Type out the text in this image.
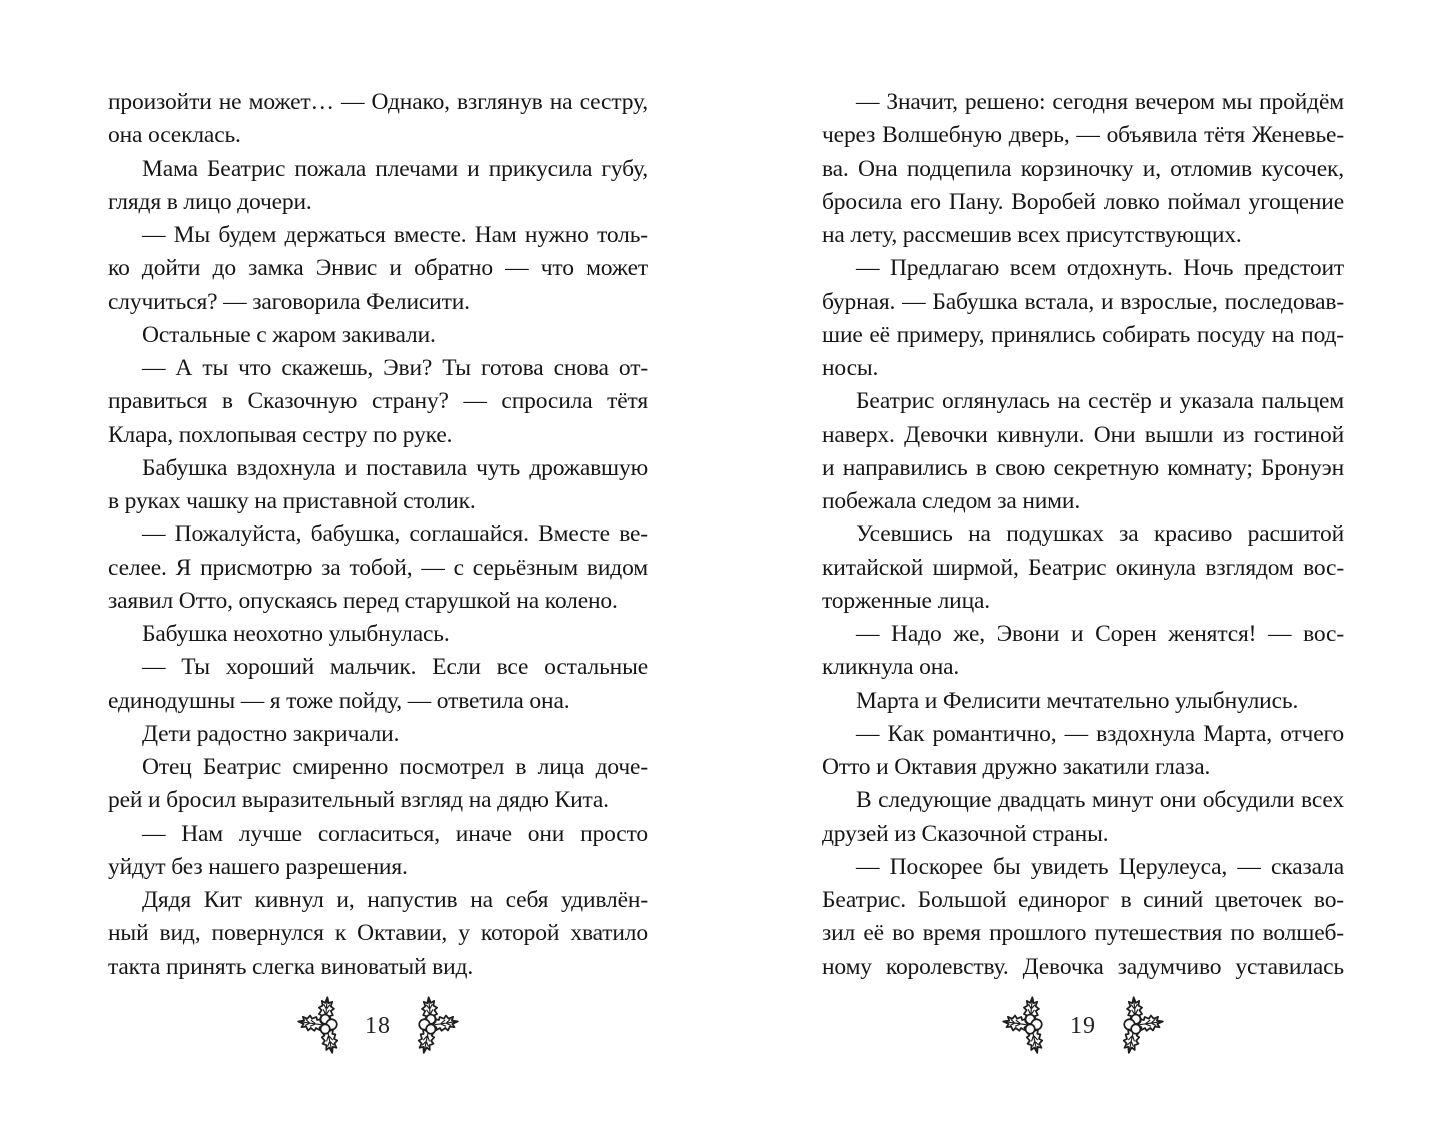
произойти не может… — Однако, взглянув на сестру,
она осеклась.
Мама Беатрис пожала плечами и прикусила губу,
глядя в лицо дочери.
— Мы будем держаться вместе. Нам нужно толь-
ко дойти до замка Энвис и обратно — что может
случиться? — заговорила Фелисити.
Остальные с жаром закивали.
— А ты что скажешь, Эви? Ты готова снова от-
правиться в Сказочную страну? — спросила тётя
Клара, похлопывая сестру по руке.
Бабушка вздохнула и поставила чуть дрожавшую
в руках чашку на приставной столик.
— Пожалуйста, бабушка, соглашайся. Вместе ве-
селее. Я присмотрю за тобой, — с серьёзным видом
заявил Отто, опускаясь перед старушкой на колено.
Бабушка неохотно улыбнулась.
— Ты хороший мальчик. Если все остальные
единодушны — я тоже пойду, — ответила она.
Дети радостно закричали.
Отец Беатрис смиренно посмотрел в лица доче-
рей и бросил выразительный взгляд на дядю Кита.
— Нам лучше согласиться, иначе они просто
уйдут без нашего разрешения.
Дядя Кит кивнул и, напустив на себя удивлён-
ный вид, повернулся к Октавии, у которой хватило
такта принять слегка виноватый вид.
— Значит, решено: сегодня вечером мы пройдём
через Волшебную дверь, — объявила тётя Женевье-
ва. Она подцепила корзиночку и, отломив кусочек,
бросила его Пану. Воробей ловко поймал угощение
на лету, рассмешив всех присутствующих.
— Предлагаю всем отдохнуть. Ночь предстоит
бурная. — Бабушка встала, и взрослые, последовав-
шие её примеру, принялись собирать посуду на под-
носы.
Беатрис оглянулась на сестёр и указала пальцем
наверх. Девочки кивнули. Они вышли из гостиной
и направились в свою секретную комнату; Бронуэн
побежала следом за ними.
Усевшись на подушках за красиво расшитой
китайской ширмой, Беатрис окинула взглядом вос-
торженные лица.
— Надо же, Эвони и Сорен женятся! — вос-
кликнула она.
Марта и Фелисити мечтательно улыбнулись.
— Как романтично, — вздохнула Марта, отчего
Отто и Октавия дружно закатили глаза.
В следующие двадцать минут они обсудили всех
друзей из Сказочной страны.
— Поскорее бы увидеть Церулеуса, — сказала
Беатрис. Большой единорог в синий цветочек во-
зил её во время прошлого путешествия по волшеб-
ному королевству. Девочка задумчиво уставилась
18	19
